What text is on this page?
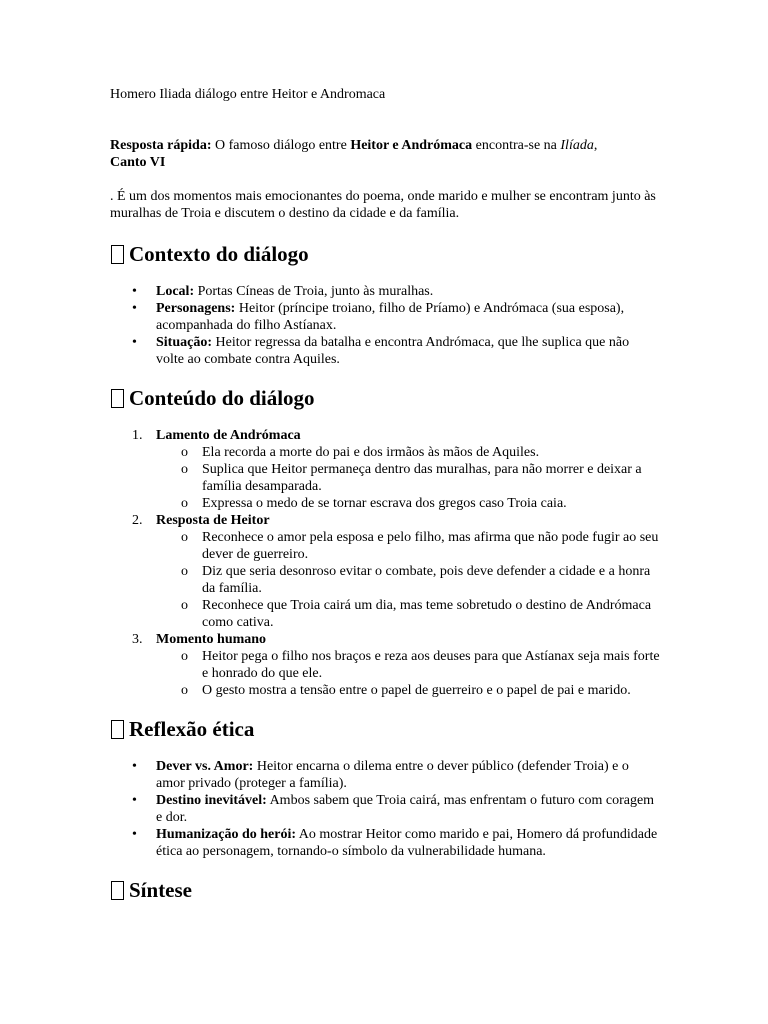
Homero Iliada diálogo entre Heitor e Andromaca

Resposta rápida: O famoso diálogo entre Heitor e Andrómaca encontra-se na Ilíada,
Canto VI

. É um dos momentos mais emocionantes do poema, onde marido e mulher se encontram junto às muralhas de Troia e discutem o destino da cidade e da família.

Contexto do diálogo
• Local: Portas Cíneas de Troia, junto às muralhas.
• Personagens: Heitor (príncipe troiano, filho de Príamo) e Andrómaca (sua esposa), acompanhada do filho Astíanax.
• Situação: Heitor regressa da batalha e encontra Andrómaca, que lhe suplica que não volte ao combate contra Aquiles.
Conteúdo do diálogo
1. Lamento de Andrómaca
o Ela recorda a morte do pai e dos irmãos às mãos de Aquiles.
o Suplica que Heitor permaneça dentro das muralhas, para não morrer e deixar a família desamparada.
o Expressa o medo de se tornar escrava dos gregos caso Troia caia.
2. Resposta de Heitor
o Reconhece o amor pela esposa e pelo filho, mas afirma que não pode fugir ao seu dever de guerreiro.
o Diz que seria desonroso evitar o combate, pois deve defender a cidade e a honra da família.
o Reconhece que Troia cairá um dia, mas teme sobretudo o destino de Andrómaca como cativa.
3. Momento humano
o Heitor pega o filho nos braços e reza aos deuses para que Astíanax seja mais forte e honrado do que ele.
o O gesto mostra a tensão entre o papel de guerreiro e o papel de pai e marido.
Reflexão ética
• Dever vs. Amor: Heitor encarna o dilema entre o dever público (defender Troia) e o amor privado (proteger a família).
• Destino inevitável: Ambos sabem que Troia cairá, mas enfrentam o futuro com coragem e dor.
• Humanização do herói: Ao mostrar Heitor como marido e pai, Homero dá profundidade ética ao personagem, tornando-o símbolo da vulnerabilidade humana.
Síntese
